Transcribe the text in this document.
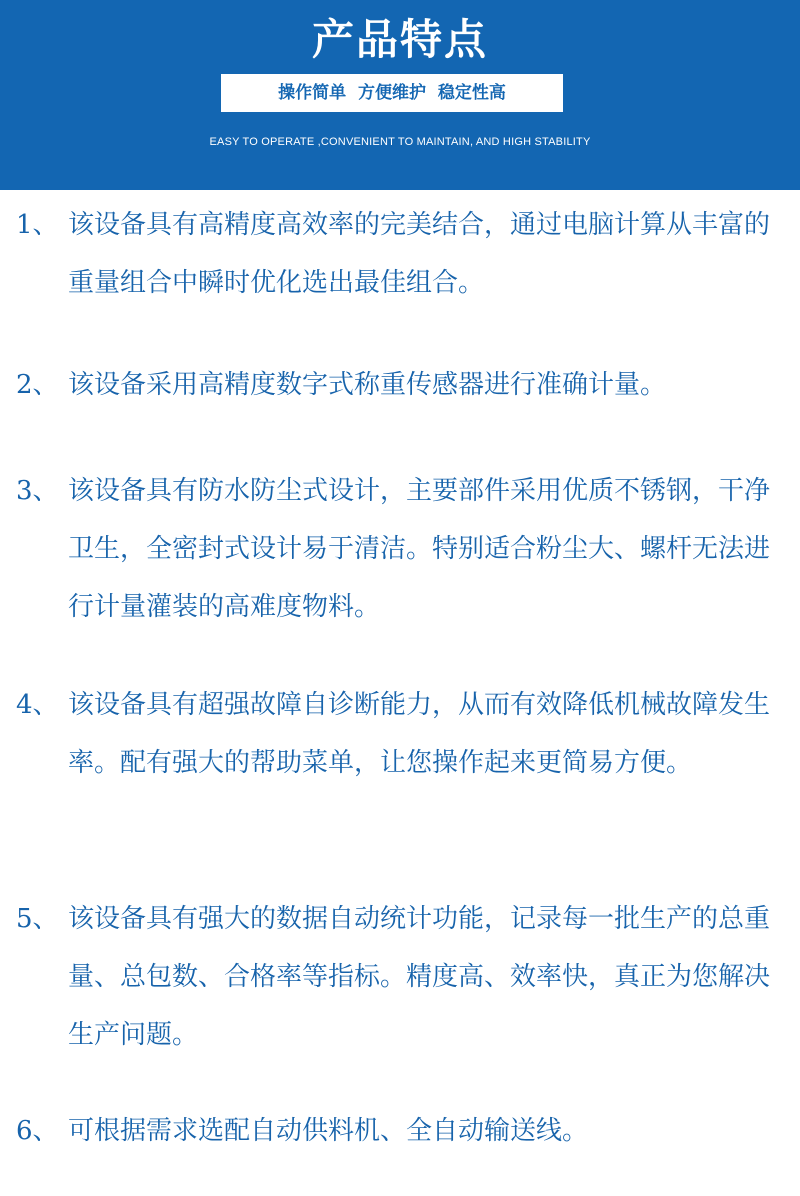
产品特点
操作简单  方便维护  稳定性高
EASY TO OPERATE ,CONVENIENT TO MAINTAIN, AND HIGH STABILITY
1、 该设备具有高精度高效率的完美结合，通过电脑计算从丰富的重量组合中瞬时优化选出最佳组合。
2、 该设备采用高精度数字式称重传感器进行准确计量。
3、 该设备具有防水防尘式设计，主要部件采用优质不锈钢，干净卫生，全密封式设计易于清洁。特别适合粉尘大、螺杆无法进行计量灌装的高难度物料。
4、 该设备具有超强故障自诊断能力，从而有效降低机械故障发生率。配有强大的帮助菜单，让您操作起来更简易方便。
5、 该设备具有强大的数据自动统计功能，记录每一批生产的总重量、总包数、合格率等指标。精度高、效率快，真正为您解决生产问题。
6、 可根据需求选配自动供料机、全自动输送线。
